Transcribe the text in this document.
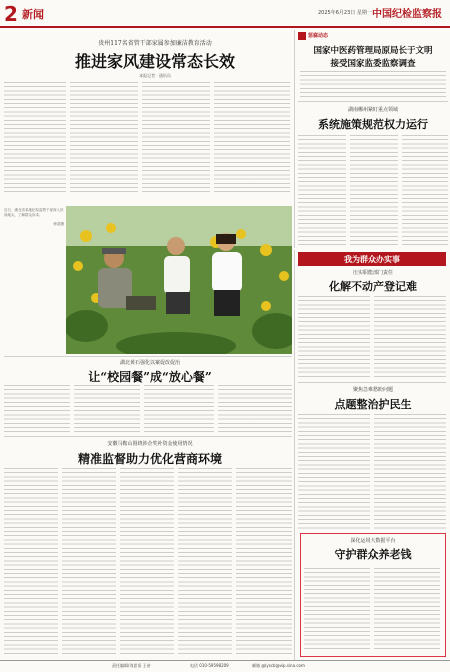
2 新闻	2025年6月23日 星期一 中国纪检监察报
贵州117名省管干部家属参加廉洁教育活动
推进家风建设常态长效
本报记者 · 通讯员
惩腐动态
国家中医药管理局原局长于文明
接受国家监委监察调查
湖南郴州紧盯重点领域
系统施策规范权力运行
近日，湖北省某地纪检监察干部深入田间地头，了解群众诉求。
韩超摄
湖北黄石强化以案促改促治
让“校园餐”成“放心餐”
安徽马鞍山围绕涉企奖补资金使用情况
精准监督助力优化营商环境
我为群众办实事
压实职能部门责任
化解不动产登记难
聚焦急难愁盼问题
点题整治护民生
深化运用大数据平台
守护群众养老钱
责任编辑/刘思语 王帝	电话 010-59598209	邮箱 @lyscb@vip.sina.com
